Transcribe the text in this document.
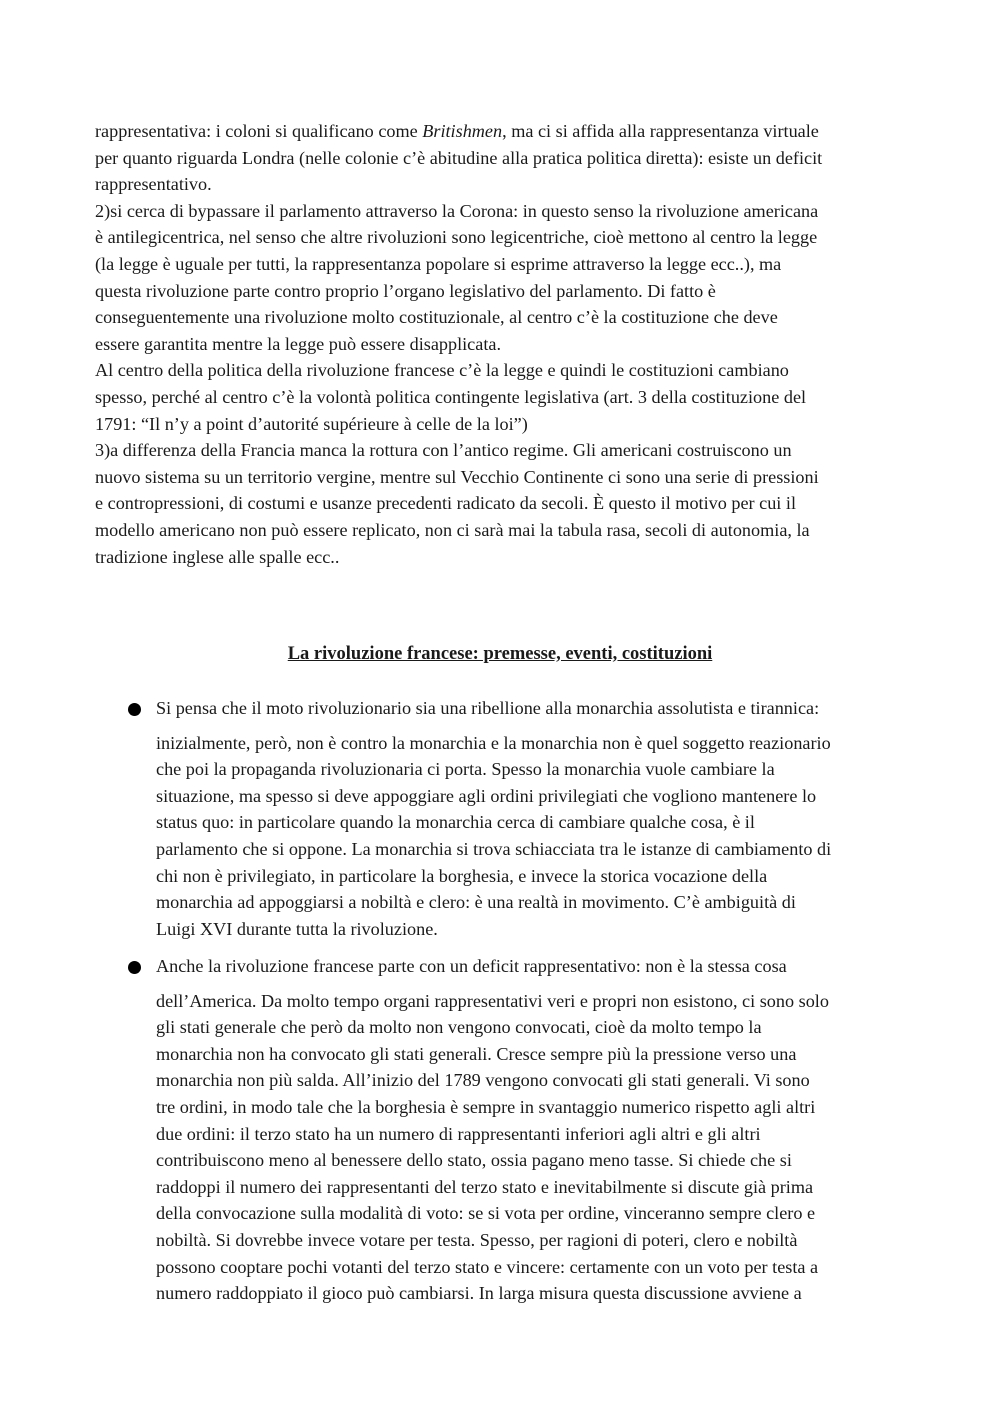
rappresentativa: i coloni si qualificano come Britishmen, ma ci si affida alla rappresentanza virtuale
per quanto riguarda Londra (nelle colonie c’è abitudine alla pratica politica diretta): esiste un deficit
rappresentativo.
2)si cerca di bypassare il parlamento attraverso la Corona: in questo senso la rivoluzione americana
è antilegicentrica, nel senso che altre rivoluzioni sono legicentriche, cioè mettono al centro la legge
(la legge è uguale per tutti, la rappresentanza popolare si esprime attraverso la legge ecc..), ma
questa rivoluzione parte contro proprio l’organo legislativo del parlamento. Di fatto è
conseguentemente una rivoluzione molto costituzionale, al centro c’è la costituzione che deve
essere garantita mentre la legge può essere disapplicata.
Al centro della politica della rivoluzione francese c’è la legge e quindi le costituzioni cambiano
spesso, perché al centro c’è la volontà politica contingente legislativa (art. 3 della costituzione del
1791: “Il n’y a point d’autorité supérieure à celle de la loi”)
3)a differenza della Francia manca la rottura con l’antico regime. Gli americani costruiscono un
nuovo sistema su un territorio vergine, mentre sul Vecchio Continente ci sono una serie di pressioni
e contropressioni, di costumi e usanze precedenti radicato da secoli. È questo il motivo per cui il
modello americano non può essere replicato, non ci sarà mai la tabula rasa, secoli di autonomia, la
tradizione inglese alle spalle ecc..
La rivoluzione francese: premesse, eventi, costituzioni
Si pensa che il moto rivoluzionario sia una ribellione alla monarchia assolutista e tirannica:
inizialmente, però, non è contro la monarchia e la monarchia non è quel soggetto reazionario
che poi la propaganda rivoluzionaria ci porta. Spesso la monarchia vuole cambiare la
situazione, ma spesso si deve appoggiare agli ordini privilegiati che vogliono mantenere lo
status quo: in particolare quando la monarchia cerca di cambiare qualche cosa, è il
parlamento che si oppone. La monarchia si trova schiacciata tra le istanze di cambiamento di
chi non è privilegiato, in particolare la borghesia, e invece la storica vocazione della
monarchia ad appoggiarsi a nobiltà e clero: è una realtà in movimento. C’è ambiguità di
Luigi XVI durante tutta la rivoluzione.
Anche la rivoluzione francese parte con un deficit rappresentativo: non è la stessa cosa
dell’America. Da molto tempo organi rappresentativi veri e propri non esistono, ci sono solo
gli stati generale che però da molto non vengono convocati, cioè da molto tempo la
monarchia non ha convocato gli stati generali. Cresce sempre più la pressione verso una
monarchia non più salda. All’inizio del 1789 vengono convocati gli stati generali. Vi sono
tre ordini, in modo tale che la borghesia è sempre in svantaggio numerico rispetto agli altri
due ordini: il terzo stato ha un numero di rappresentanti inferiori agli altri e gli altri
contribuiscono meno al benessere dello stato, ossia pagano meno tasse. Si chiede che si
raddoppi il numero dei rappresentanti del terzo stato e inevitabilmente si discute già prima
della convocazione sulla modalità di voto: se si vota per ordine, vinceranno sempre clero e
nobiltà. Si dovrebbe invece votare per testa. Spesso, per ragioni di poteri, clero e nobiltà
possono cooptare pochi votanti del terzo stato e vincere: certamente con un voto per testa a
numero raddoppiato il gioco può cambiarsi. In larga misura questa discussione avviene a
